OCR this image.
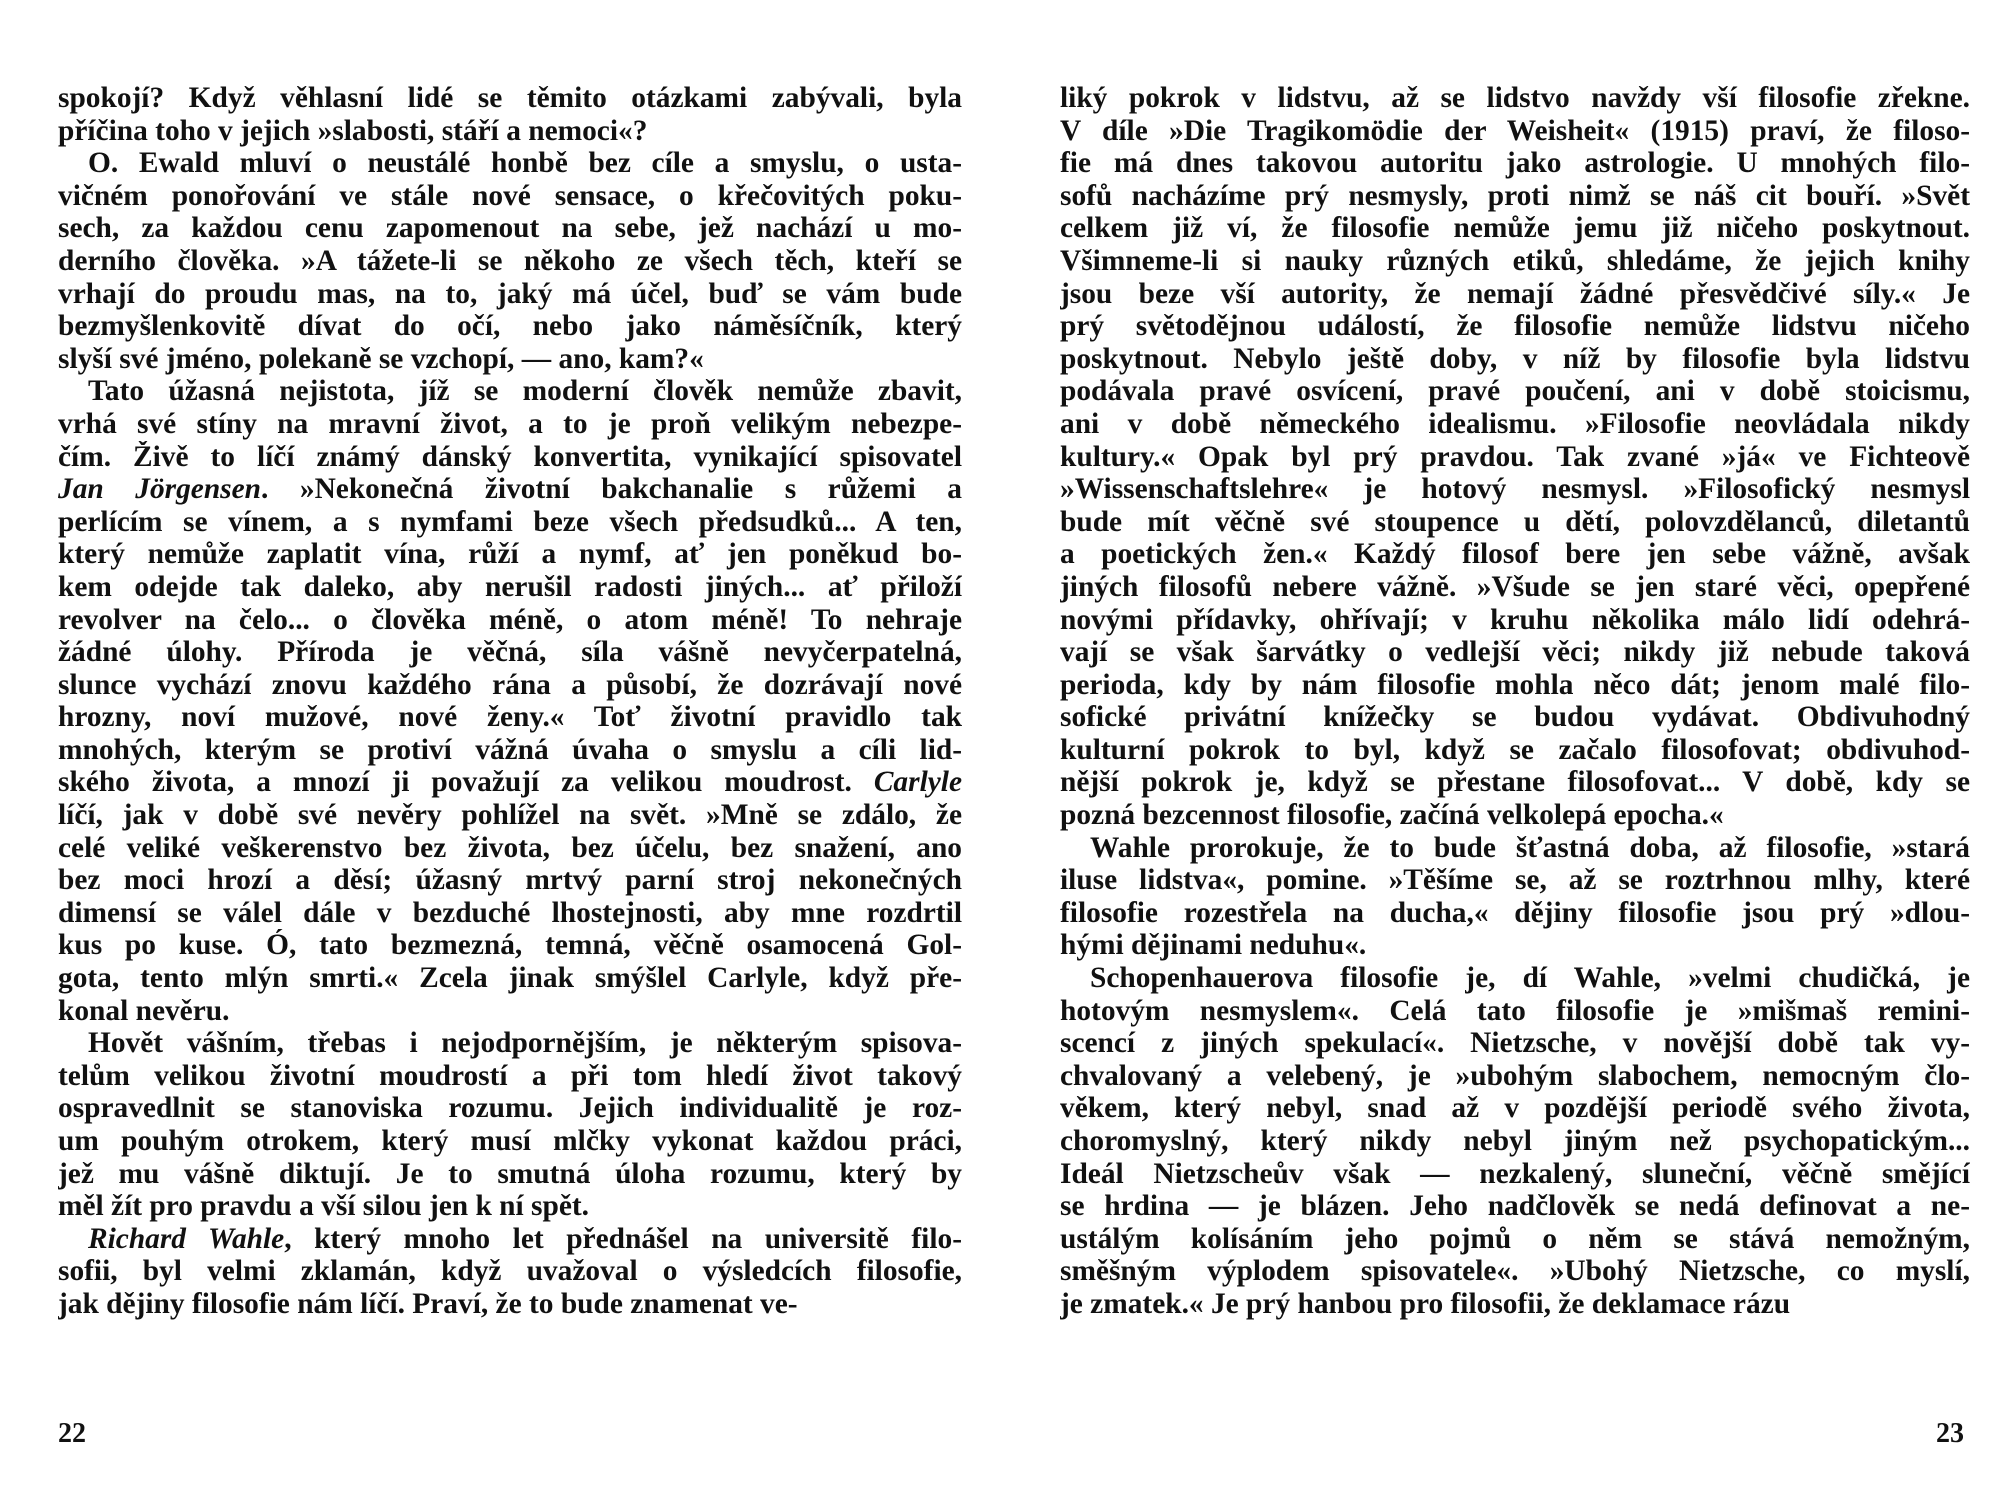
spokojí? Když věhlasní lidé se těmito otázkami zabývali, byla
příčina toho v jejich »slabosti, stáří a nemoci«?

O. Ewald mluví o neustálé honbě bez cíle a smyslu, o usta-
vičném ponořování ve stále nové sensace, o křečovitých poku-
sech, za každou cenu zapomenout na sebe, jež nachází u mo-
derního člověka. »A tážete-li se někoho ze všech těch, kteří se
vrhají do proudu mas, na to, jaký má účel, buď se vám bude
bezmyšlenkovitě dívat do očí, nebo jako náměsíčník, který
slyší své jméno, polekaně se vzchopí, — ano, kam?«

Tato úžasná nejistota, jíž se moderní člověk nemůže zbavit,
vrhá své stíny na mravní život, a to je proň velikým nebezpe-
čím. Živě to líčí známý dánský konvertita, vynikající spisovatel
Jan Jörgensen. »Nekonečná životní bakchanalie s růžemi a
perlícím se vínem, a s nymfami beze všech předsudků... A ten,
který nemůže zaplatit vína, růží a nymf, ať jen poněkud bo-
kem odejde tak daleko, aby nerušil radosti jiných... ať přiloží
revolver na čelo... o člověka méně, o atom méně! To nehraje
žádné úlohy. Příroda je věčná, síla vášně nevyčerpatelná,
slunce vychází znovu každého rána a působí, že dozrávají nové
hrozny, noví mužové, nové ženy.« Toť životní pravidlo tak
mnohých, kterým se protiví vážná úvaha o smyslu a cíli lid-
ského života, a mnozí ji považují za velikou moudrost. Carlyle
líčí, jak v době své nevěry pohlížel na svět. »Mně se zdálo, že
celé veliké veškerenstvo bez života, bez účelu, bez snažení, ano
bez moci hrozí a děsí; úžasný mrtvý parní stroj nekonečných
dimensí se válel dále v bezduché lhostejnosti, aby mne rozdrtil
kus po kuse. Ó, tato bezmezná, temná, věčně osamocená Gol-
gota, tento mlýn smrti.« Zcela jinak smýšlel Carlyle, když pře-
konal nevěru.

Hovět vášním, třebas i nejodpornějším, je některým spisova-
telům velikou životní moudrostí a při tom hledí život takový
ospravedlnit se stanoviska rozumu. Jejich individualitě je roz-
um pouhým otrokem, který musí mlčky vykonat každou práci,
jež mu vášně diktují. Je to smutná úloha rozumu, který by
měl žít pro pravdu a vší silou jen k ní spět.

Richard Wahle, který mnoho let přednášel na universitě filo-
sofii, byl velmi zklamán, když uvažoval o výsledcích filosofie,
jak dějiny filosofie nám líčí. Praví, že to bude znamenat ve-

22

liký pokrok v lidstvu, až se lidstvo navždy vší filosofie zřekne.
V díle »Die Tragikomödie der Weisheit« (1915) praví, že filoso-
fie má dnes takovou autoritu jako astrologie. U mnohých filo-
sofů nacházíme prý nesmysly, proti nimž se náš cit bouří. »Svět
celkem již ví, že filosofie nemůže jemu již ničeho poskytnout.
Všimneme-li si nauky různých etiků, shledáme, že jejich knihy
jsou beze vší autority, že nemají žádné přesvědčivé síly.« Je
prý světodějnou událostí, že filosofie nemůže lidstvu ničeho
poskytnout. Nebylo ještě doby, v níž by filosofie byla lidstvu
podávala pravé osvícení, pravé poučení, ani v době stoicismu,
ani v době německého idealismu. »Filosofie neovládala nikdy
kultury.« Opak byl prý pravdou. Tak zvané »já« ve Fichteově
»Wissenschaftslehre« je hotový nesmysl. »Filosofický nesmysl
bude mít věčně své stoupence u dětí, polovzdělanců, diletantů
a poetických žen.« Každý filosof bere jen sebe vážně, avšak
jiných filosofů nebere vážně. »Všude se jen staré věci, opepřené
novými přídavky, ohřívají; v kruhu několika málo lidí odehrá-
vají se však šarvátky o vedlejší věci; nikdy již nebude taková
perioda, kdy by nám filosofie mohla něco dát; jenom malé filo-
sofické privátní knížečky se budou vydávat. Obdivuhodný
kulturní pokrok to byl, když se začalo filosofovat; obdivuhod-
nější pokrok je, když se přestane filosofovat... V době, kdy se
pozná bezcennost filosofie, začíná velkolepá epocha.«

Wahle prorokuje, že to bude šťastná doba, až filosofie, »stará
iluse lidstva«, pomine. »Těšíme se, až se roztrhnou mlhy, které
filosofie rozestřela na ducha,« dějiny filosofie jsou prý »dlou-
hými dějinami neduhu«.

Schopenhauerova filosofie je, dí Wahle, »velmi chudičká, je
hotovým nesmyslem«. Celá tato filosofie je »mišmaš remini-
scencí z jiných spekulací«. Nietzsche, v novější době tak vy-
chvalovaný a velebený, je »ubohým slabochem, nemocným člo-
věkem, který nebyl, snad až v pozdější periodě svého života,
choromyslný, který nikdy nebyl jiným než psychopatickým...
Ideál Nietzscheův však — nezkalený, sluneční, věčně smějící
se hrdina — je blázen. Jeho nadčlověk se nedá definovat a ne-
ustálým kolísáním jeho pojmů o něm se stává nemožným,
směšným výplodem spisovatele«. »Ubohý Nietzsche, co myslí,
je zmatek.« Je prý hanbou pro filosofii, že deklamace rázu

23
